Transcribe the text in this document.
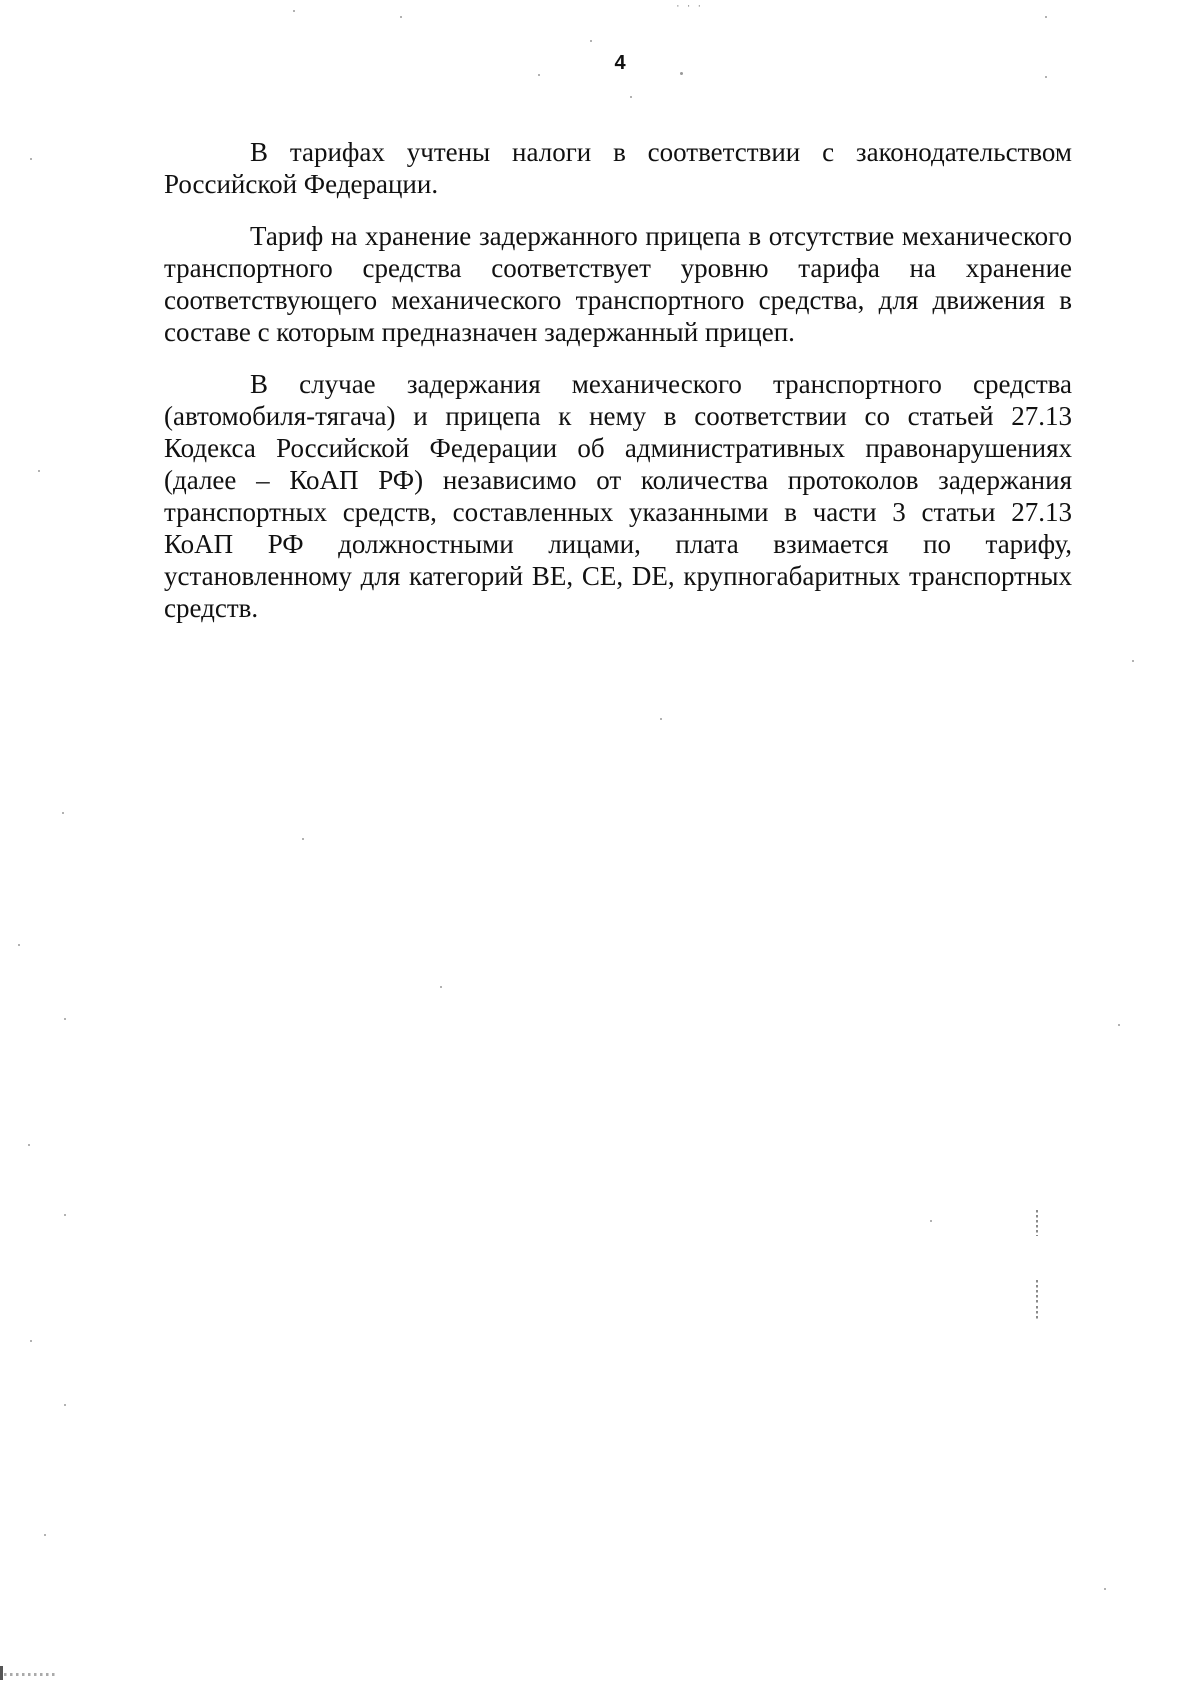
· · ·
4

В тарифах учтены налоги в соответствии с законодательством Российской Федерации.

Тариф на хранение задержанного прицепа в отсутствие механического транспортного средства соответствует уровню тарифа на хранение соответствующего механического транспортного средства, для движения в составе с которым предназначен задержанный прицеп.

В случае задержания механического транспортного средства (автомобиля-тягача) и прицепа к нему в соответствии со статьей 27.13 Кодекса Российской Федерации об административных правонарушениях (далее – КоАП РФ) независимо от количества протоколов задержания транспортных средств, составленных указанными в части 3 статьи 27.13 КоАП РФ должностными лицами, плата взимается по тарифу, установленному для категорий ВЕ, СЕ, DE, крупногабаритных транспортных средств.
